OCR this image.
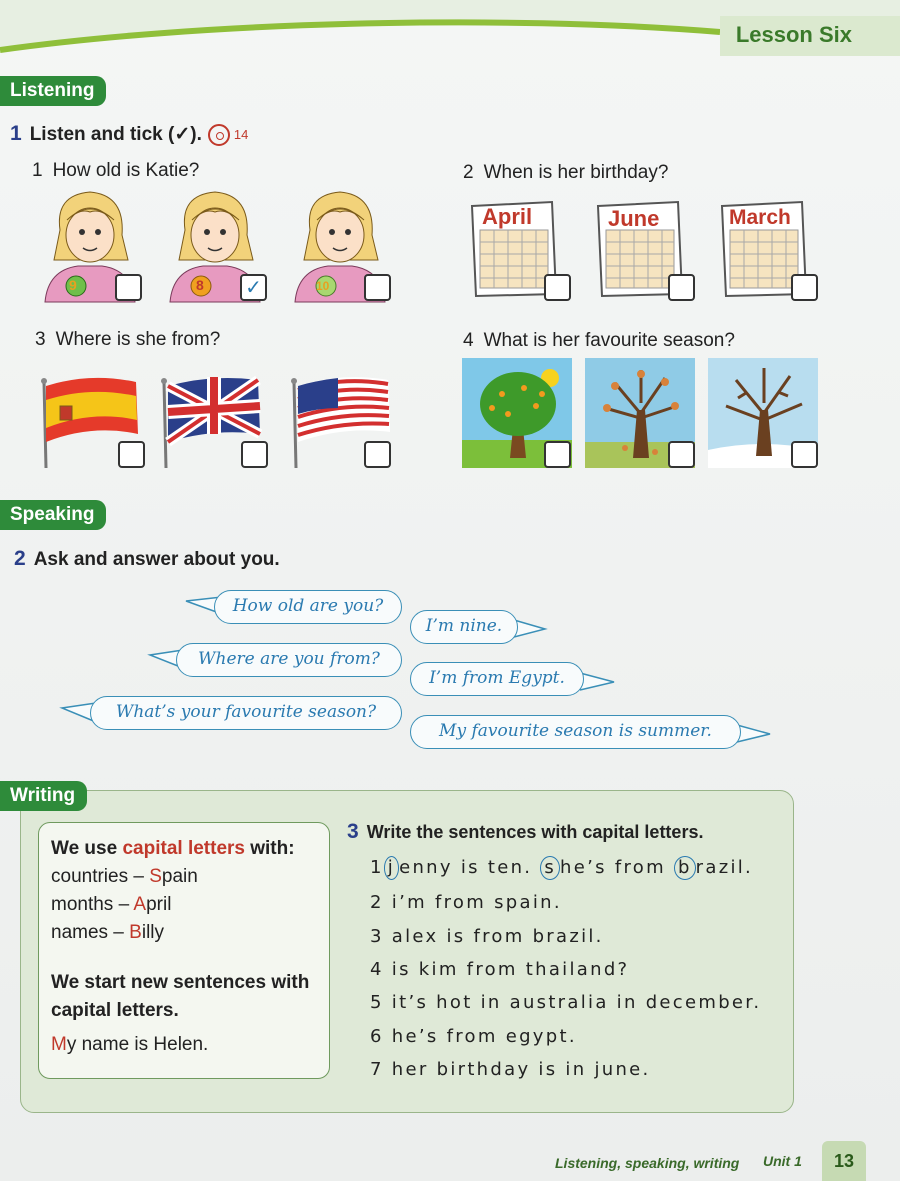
Lesson Six
Listening
1 Listen and tick (✓). 14
1 How old is Katie?
9	8 ✓	10
2 When is her birthday?
April	June	March
3 Where is she from?	4 What is her favourite season?
Speaking
2 Ask and answer about you.
How old are you?
Where are you from?
What’s your favourite season?
I’m nine.
I’m from Egypt.
My favourite season is summer.
Writing
We use capital letters with:
countries – Spain
months – April
names – Billy
We start new sentences with
capital letters.
My name is Helen.
3 Write the sentences with capital letters.
1 j enny is ten. s he’s from b razil.
2 i’m from spain.
3 alex is from brazil.
4 is kim from thailand?
5 it’s hot in australia in december.
6 he’s from egypt.
7 her birthday is in june.
Listening, speaking, writing Unit 1	13
